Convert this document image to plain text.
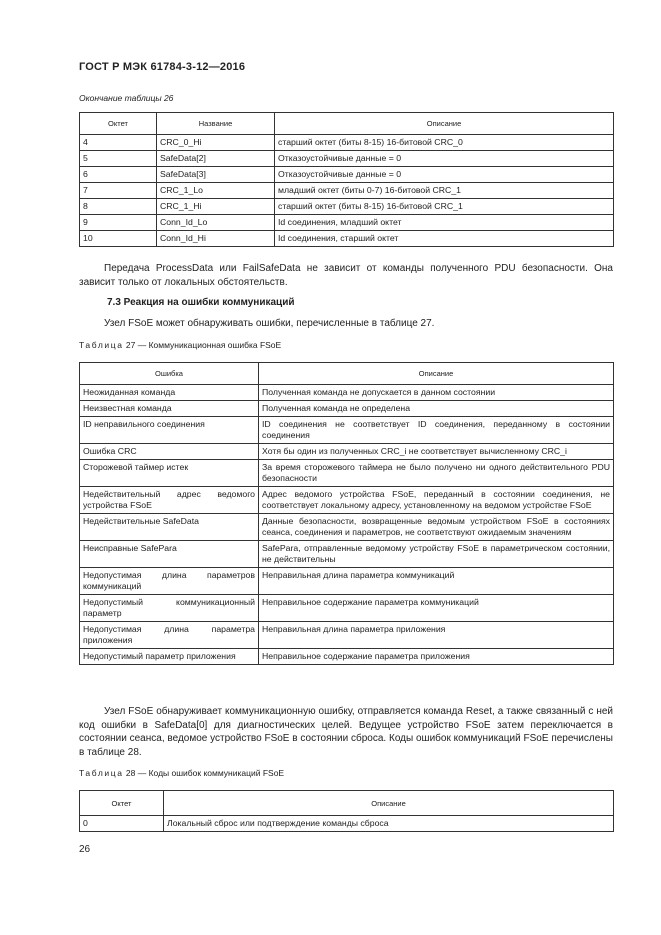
ГОСТ Р МЭК 61784-3-12—2016
Окончание таблицы 26
Октет	Название	Описание
4	CRC_0_Hi	старший октет (биты 8-15) 16-битовой CRC_0
5	SafeData[2]	Отказоустойчивые данные = 0
6	SafeData[3]	Отказоустойчивые данные = 0
7	CRC_1_Lo	младший октет (биты 0-7) 16-битовой CRC_1
8	CRC_1_Hi	старший октет (биты 8-15) 16-битовой CRC_1
9	Conn_Id_Lo	Id соединения, младший октет
10	Conn_Id_Hi	Id соединения, старший октет

Передача ProcessData или FailSafeData не зависит от команды полученного PDU безопасности. Она зависит только от локальных обстоятельств.

7.3 Реакция на ошибки коммуникаций

Узел FSoE может обнаруживать ошибки, перечисленные в таблице 27.

Таблица 27 — Коммуникационная ошибка FSoE
Ошибка	Описание
Неожиданная команда	Полученная команда не допускается в данном состоянии
Неизвестная команда	Полученная команда не определена
ID неправильного соединения	ID соединения не соответствует ID соединения, переданному в состоянии соединения
Ошибка CRC	Хотя бы один из полученных CRC_i не соответствует вычисленному CRC_i
Сторожевой таймер истек	За время сторожевого таймера не было получено ни одного действительного PDU безопасности
Недействительный адрес ведомого устройства FSoE	Адрес ведомого устройства FSoE, переданный в состоянии соединения, не соответствует локальному адресу, установленному на ведомом устройстве FSoE
Недействительные SafeData	Данные безопасности, возвращенные ведомым устройством FSoE в состояниях сеанса, соединения и параметров, не соответствуют ожидаемым значениям
Неисправные SafePara	SafePara, отправленные ведомому устройству FSoE в параметрическом состоянии, не действительны
Недопустимая длина параметров коммуникаций	Неправильная длина параметра коммуникаций
Недопустимый коммуникационный параметр	Неправильное содержание параметра коммуникаций
Недопустимая длина параметра приложения	Неправильная длина параметра приложения
Недопустимый параметр приложения	Неправильное содержание параметра приложения

Узел FSoE обнаруживает коммуникационную ошибку, отправляется команда Reset, а также связанный с ней код ошибки в SafeData[0] для диагностических целей. Ведущее устройство FSoE затем переключается в состоянии сеанса, ведомое устройство FSoE в состоянии сброса. Коды ошибок коммуникаций FSoE перечислены в таблице 28.

Таблица 28 — Коды ошибок коммуникаций FSoE
Октет	Описание
0	Локальный сброс или подтверждение команды сброса
26
